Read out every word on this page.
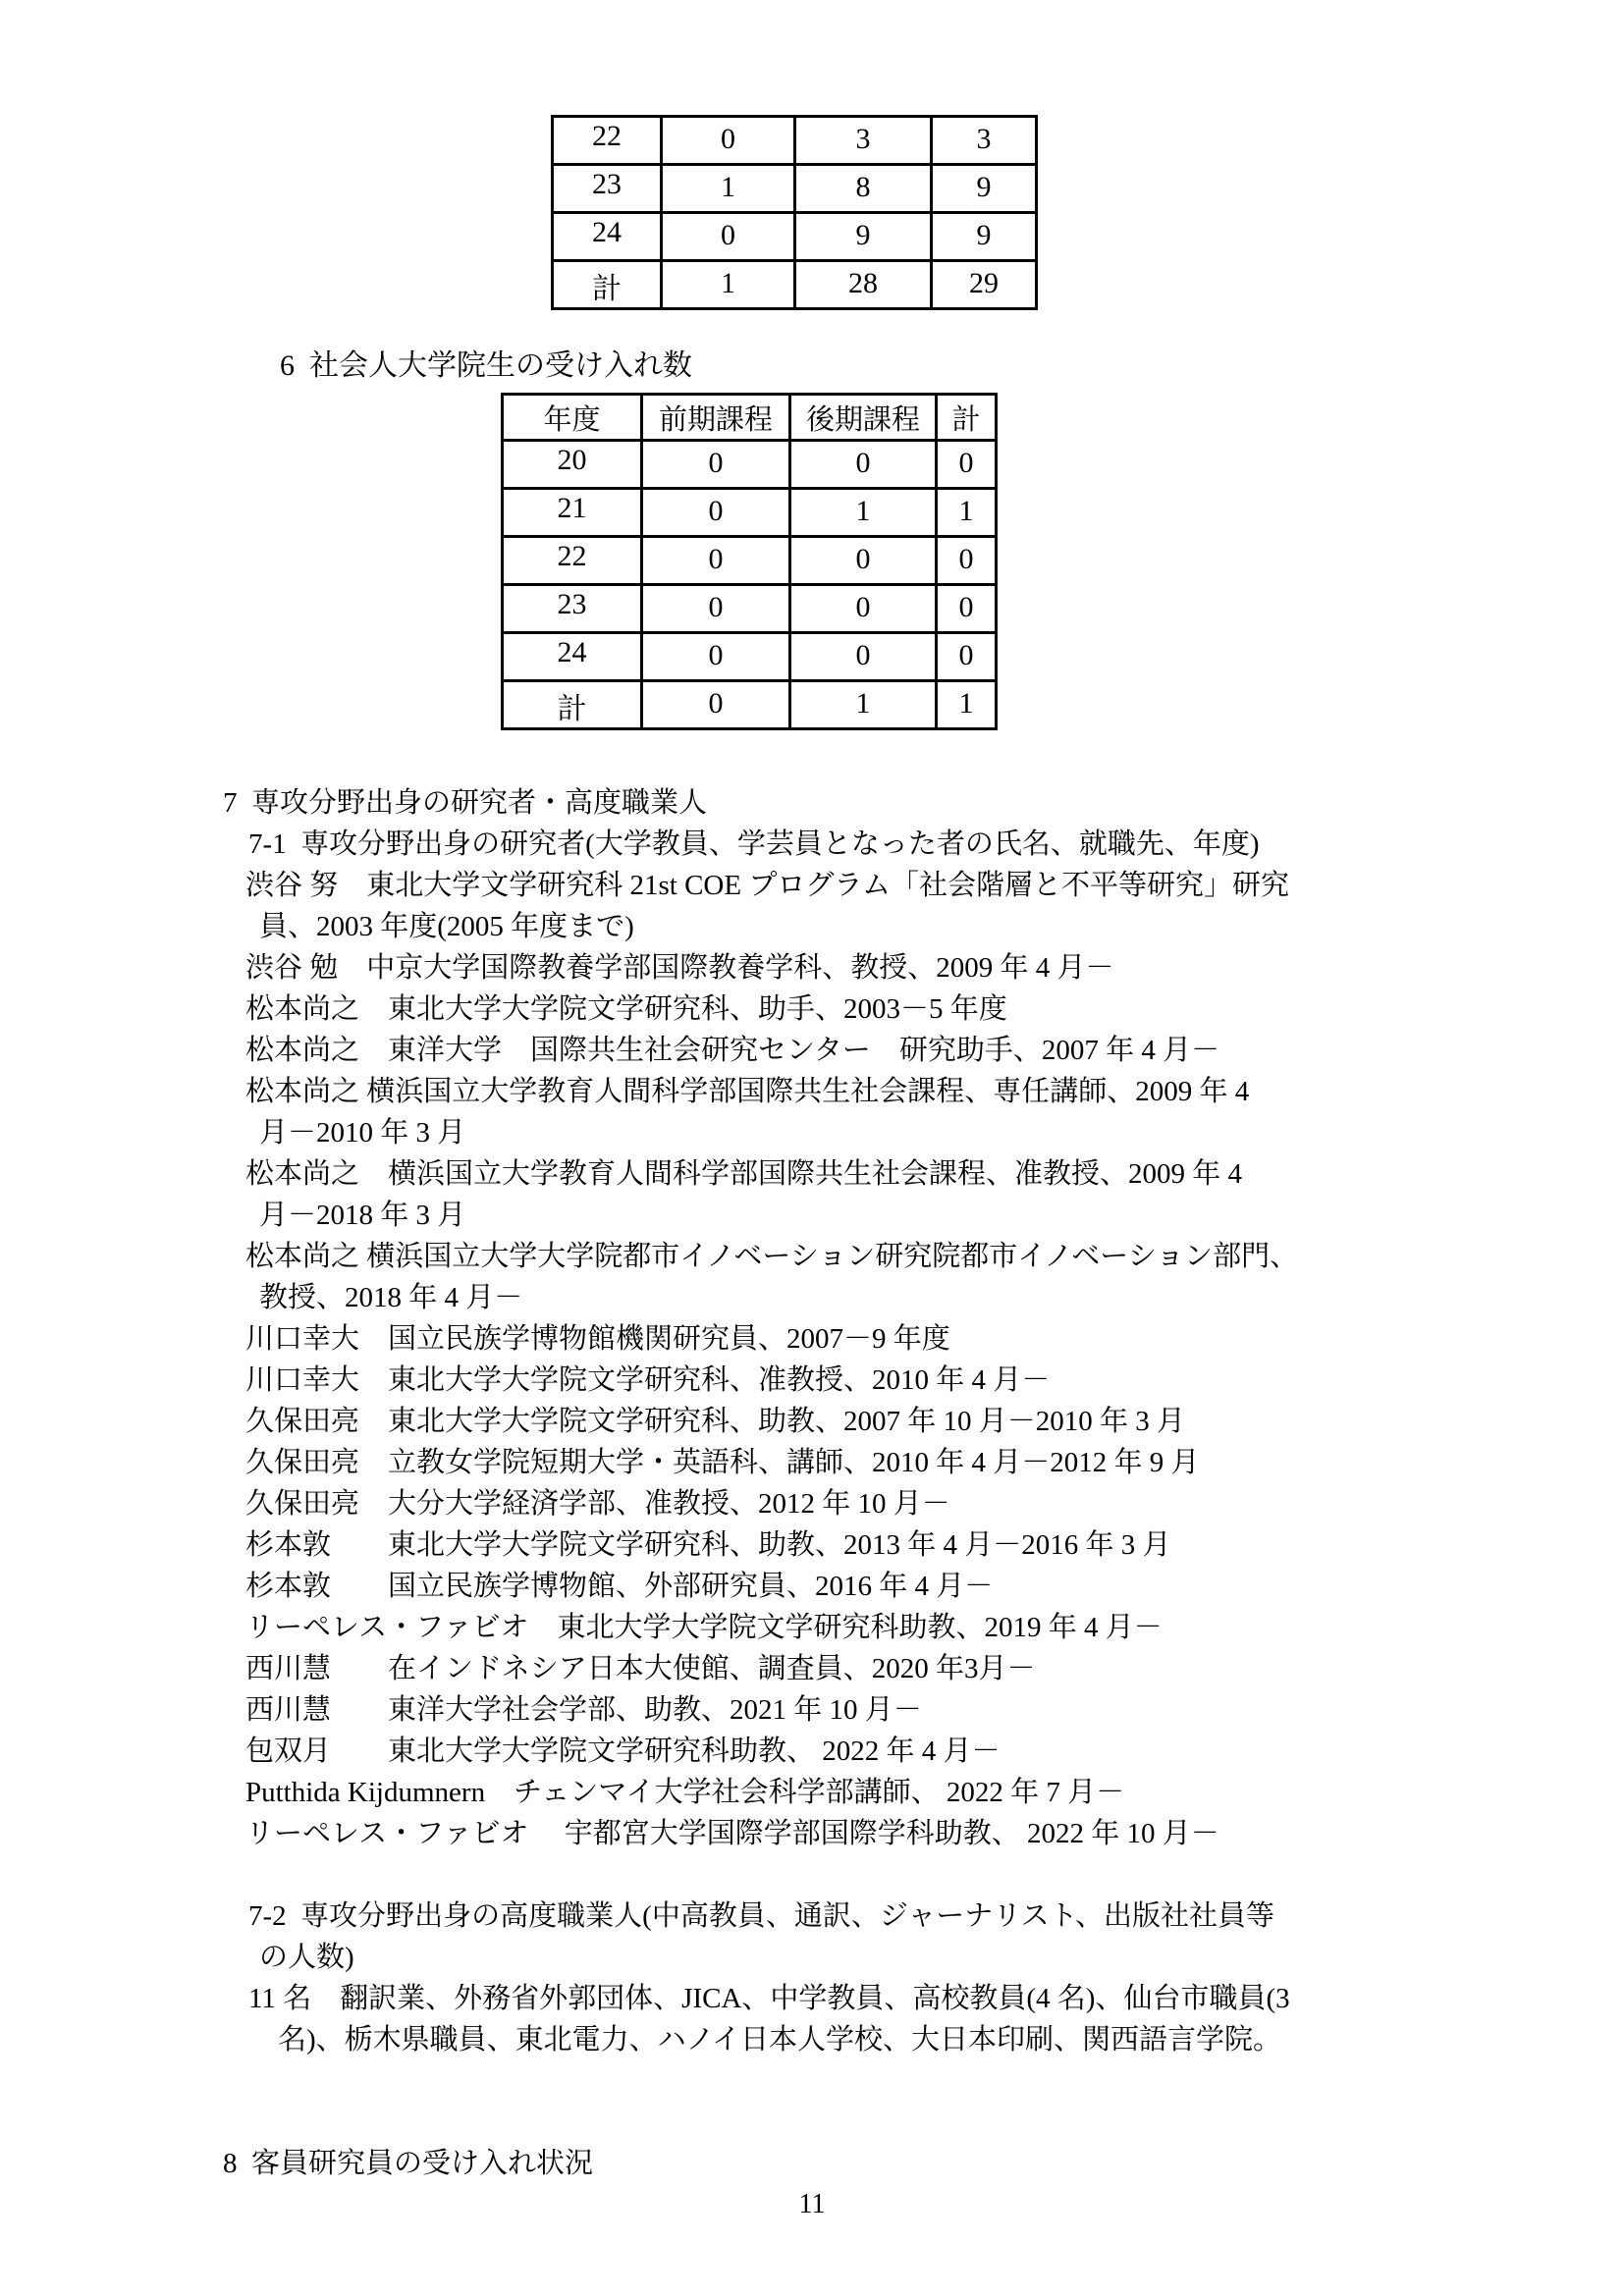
22	0	3	3
23	1	8	9
24	0	9	9
計	1	28	29
6  社会人大学院生の受け入れ数
年度	前期課程	後期課程	計
20	0	0	0
21	0	1	1
22	0	0	0
23	0	0	0
24	0	0	0
計	0	1	1
7  専攻分野出身の研究者・高度職業人
7-1  専攻分野出身の研究者(大学教員、学芸員となった者の氏名、就職先、年度)
渋谷 努　東北大学文学研究科 21st COE プログラム「社会階層と不平等研究」研究
員、2003 年度(2005 年度まで)
渋谷 勉　中京大学国際教養学部国際教養学科、教授、2009 年 4 月－
松本尚之　東北大学大学院文学研究科、助手、2003－5 年度
松本尚之　東洋大学　国際共生社会研究センター　研究助手、2007 年 4 月－
松本尚之 横浜国立大学教育人間科学部国際共生社会課程、専任講師、2009 年 4
月－2010 年 3 月
松本尚之　横浜国立大学教育人間科学部国際共生社会課程、准教授、2009 年 4
月－2018 年 3 月
松本尚之 横浜国立大学大学院都市イノベーション研究院都市イノベーション部門、
教授、2018 年 4 月－
川口幸大　国立民族学博物館機関研究員、2007－9 年度
川口幸大　東北大学大学院文学研究科、准教授、2010 年 4 月－
久保田亮　東北大学大学院文学研究科、助教、2007 年 10 月－2010 年 3 月
久保田亮　立教女学院短期大学・英語科、講師、2010 年 4 月－2012 年 9 月
久保田亮　大分大学経済学部、准教授、2012 年 10 月－
杉本敦　　東北大学大学院文学研究科、助教、2013 年 4 月－2016 年 3 月
杉本敦　　国立民族学博物館、外部研究員、2016 年 4 月－
リーペレス・ファビオ　東北大学大学院文学研究科助教、2019 年 4 月－
西川慧　　在インドネシア日本大使館、調査員、2020 年3月－
西川慧　　東洋大学社会学部、助教、2021 年 10 月－
包双月　　東北大学大学院文学研究科助教、 2022 年 4 月－
Putthida Kijdumnern　チェンマイ大学社会科学部講師、 2022 年 7 月－
リーペレス・ファビオ　 宇都宮大学国際学部国際学科助教、 2022 年 10 月－
7-2  専攻分野出身の高度職業人(中高教員、通訳、ジャーナリスト、出版社社員等
の人数)
11 名　翻訳業、外務省外郭団体、JICA、中学教員、高校教員(4 名)、仙台市職員(3
名)、栃木県職員、東北電力、ハノイ日本人学校、大日本印刷、関西語言学院。
8  客員研究員の受け入れ状況
11
